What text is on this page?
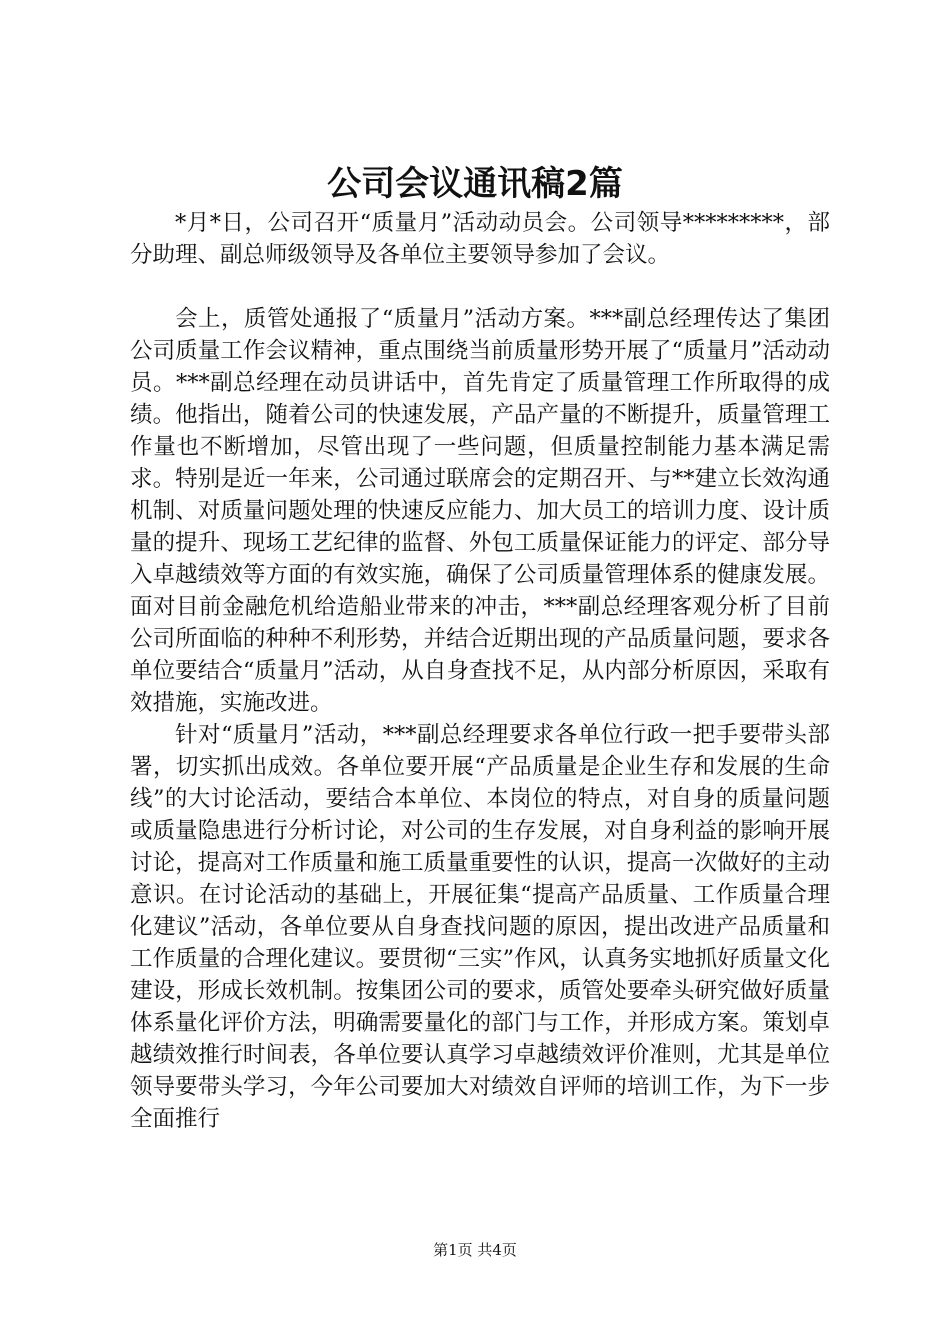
公司会议通讯稿2篇

*月*日，公司召开“质量月”活动动员会。公司领导*********，部分助理、副总师级领导及各单位主要领导参加了会议。

会上，质管处通报了“质量月”活动方案。***副总经理传达了集团公司质量工作会议精神，重点围绕当前质量形势开展了“质量月”活动动员。***副总经理在动员讲话中，首先肯定了质量管理工作所取得的成绩。他指出，随着公司的快速发展，产品产量的不断提升，质量管理工作量也不断增加，尽管出现了一些问题，但质量控制能力基本满足需求。特别是近一年来，公司通过联席会的定期召开、与**建立长效沟通机制、对质量问题处理的快速反应能力、加大员工的培训力度、设计质量的提升、现场工艺纪律的监督、外包工质量保证能力的评定、部分导入卓越绩效等方面的有效实施，确保了公司质量管理体系的健康发展。面对目前金融危机给造船业带来的冲击，***副总经理客观分析了目前公司所面临的种种不利形势，并结合近期出现的产品质量问题，要求各单位要结合“质量月”活动，从自身查找不足，从内部分析原因，采取有效措施，实施改进。

针对“质量月”活动，***副总经理要求各单位行政一把手要带头部署，切实抓出成效。各单位要开展“产品质量是企业生存和发展的生命线”的大讨论活动，要结合本单位、本岗位的特点，对自身的质量问题或质量隐患进行分析讨论，对公司的生存发展，对自身利益的影响开展讨论，提高对工作质量和施工质量重要性的认识，提高一次做好的主动意识。在讨论活动的基础上，开展征集“提高产品质量、工作质量合理化建议”活动，各单位要从自身查找问题的原因，提出改进产品质量和工作质量的合理化建议。要贯彻“三实”作风，认真务实地抓好质量文化建设，形成长效机制。按集团公司的要求，质管处要牵头研究做好质量体系量化评价方法，明确需要量化的部门与工作，并形成方案。策划卓越绩效推行时间表，各单位要认真学习卓越绩效评价准则，尤其是单位领导要带头学习，今年公司要加大对绩效自评师的培训工作，为下一步全面推行

第1页 共4页
